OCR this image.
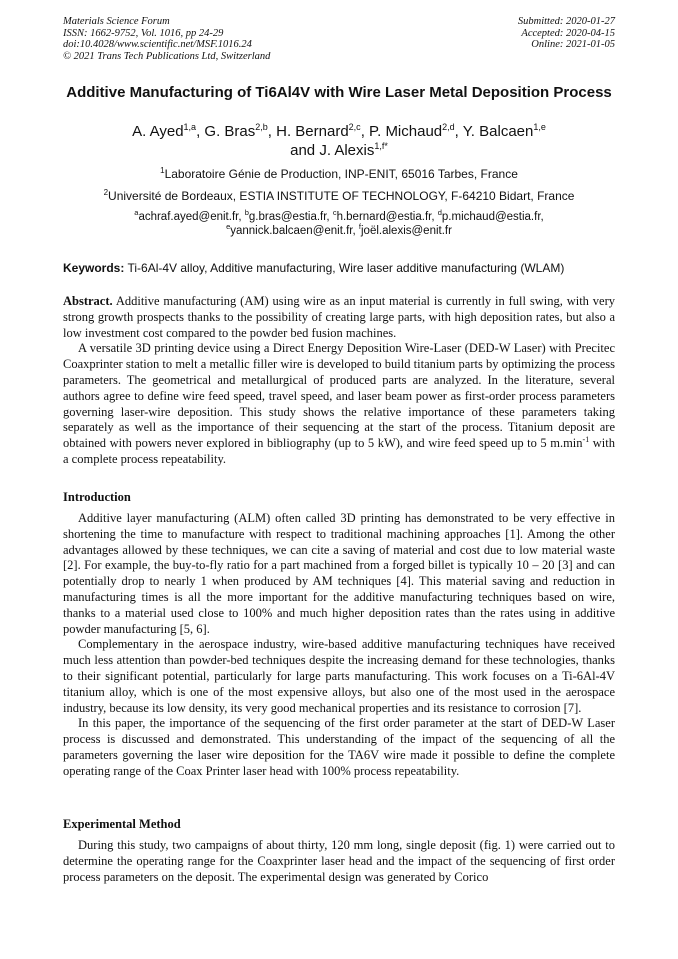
Materials Science Forum
ISSN: 1662-9752, Vol. 1016, pp 24-29
doi:10.4028/www.scientific.net/MSF.1016.24
© 2021 Trans Tech Publications Ltd, Switzerland
Submitted: 2020-01-27
Accepted: 2020-04-15
Online: 2021-01-05
Additive Manufacturing of Ti6Al4V with Wire Laser Metal Deposition Process
A. Ayed$^{1,a}$, G. Bras$^{2,b}$, H. Bernard$^{2,c}$, P. Michaud$^{2,d}$, Y. Balcaen$^{1,e}$
and J. Alexis$^{1,f*}$
$^1$Laboratoire Génie de Production, INP-ENIT, 65016 Tarbes, France
$^2$Université de Bordeaux, ESTIA INSTITUTE OF TECHNOLOGY, F-64210 Bidart, France
$^a$achraf.ayed@enit.fr, $^b$g.bras@estia.fr, $^c$h.bernard@estia.fr, $^d$p.michaud@estia.fr,
$^e$yannick.balcaen@enit.fr, $^f$joël.alexis@enit.fr
Keywords: Ti-6Al-4V alloy, Additive manufacturing, Wire laser additive manufacturing (WLAM)

Abstract. Additive manufacturing (AM) using wire as an input material is currently in full swing, with very strong growth prospects thanks to the possibility of creating large parts, with high deposition rates, but also a low investment cost compared to the powder bed fusion machines.

A versatile 3D printing device using a Direct Energy Deposition Wire-Laser (DED-W Laser) with Precitec Coaxprinter station to melt a metallic filler wire is developed to build titanium parts by optimizing the process parameters. The geometrical and metallurgical of produced parts are analyzed. In the literature, several authors agree to define wire feed speed, travel speed, and laser beam power as first-order process parameters governing laser-wire deposition. This study shows the relative importance of these parameters taking separately as well as the importance of their sequencing at the start of the process. Titanium deposit are obtained with powers never explored in bibliography (up to 5 kW), and wire feed speed up to 5 $m.\min^{-1}$ with a complete process repeatability.

Introduction

Additive layer manufacturing (ALM) often called 3D printing has demonstrated to be very effective in shortening the time to manufacture with respect to traditional machining approaches [1]. Among the other advantages allowed by these techniques, we can cite a saving of material and cost due to low material waste [2]. For example, the buy-to-fly ratio for a part machined from a forged billet is typically 10 – 20 [3] and can potentially drop to nearly 1 when produced by AM techniques [4]. This material saving and reduction in manufacturing times is all the more important for the additive manufacturing techniques based on wire, thanks to a material used close to 100% and much higher deposition rates than the rates using in additive powder manufacturing [5, 6].

Complementary in the aerospace industry, wire-based additive manufacturing techniques have received much less attention than powder-bed techniques despite the increasing demand for these technologies, thanks to their significant potential, particularly for large parts manufacturing. This work focuses on a Ti-6Al-4V titanium alloy, which is one of the most expensive alloys, but also one of the most used in the aerospace industry, because its low density, its very good mechanical properties and its resistance to corrosion [7].

In this paper, the importance of the sequencing of the first order parameter at the start of DED-W Laser process is discussed and demonstrated. This understanding of the impact of the sequencing of all the parameters governing the laser wire deposition for the TA6V wire made it possible to define the complete operating range of the Coax Printer laser head with 100% process repeatability.

Experimental Method

During this study, two campaigns of about thirty, 120 mm long, single deposit (fig. 1) were carried out to determine the operating range for the Coaxprinter laser head and the impact of the sequencing of first order process parameters on the deposit. The experimental design was generated by Corico
